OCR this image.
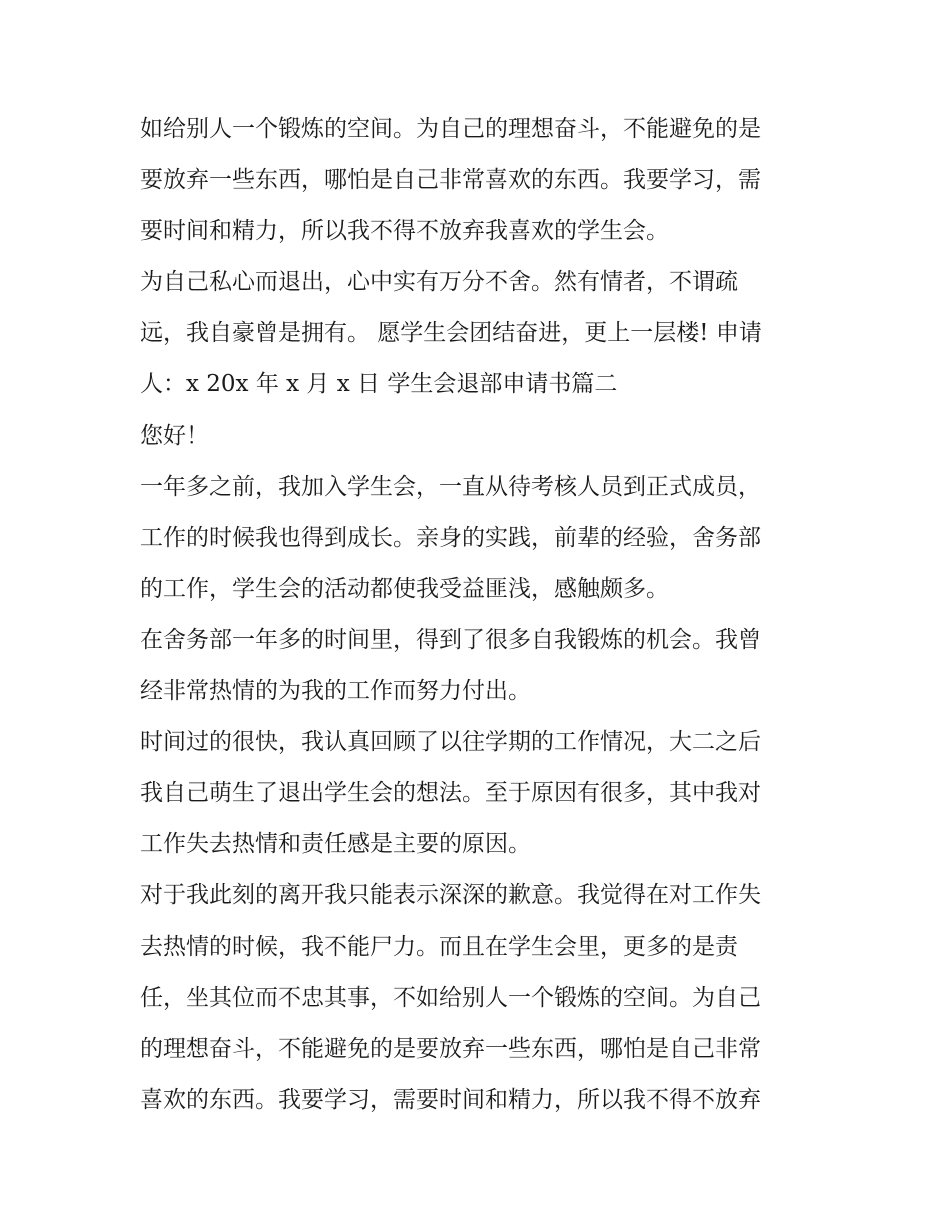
如给别人一个锻炼的空间。为自己的理想奋斗，不能避免的是
要放弃一些东西，哪怕是自己非常喜欢的东西。我要学习，需
要时间和精力，所以我不得不放弃我喜欢的学生会。
为自己私心而退出，心中实有万分不舍。然有情者，不谓疏
远，我自豪曾是拥有。 愿学生会团结奋进，更上一层楼! 申请
人：x 20x 年 x 月 x 日 学生会退部申请书篇二
您好！
一年多之前，我加入学生会，一直从待考核人员到正式成员，
工作的时候我也得到成长。亲身的实践，前辈的经验，舍务部
的工作，学生会的活动都使我受益匪浅，感触颇多。
在舍务部一年多的时间里，得到了很多自我锻炼的机会。我曾
经非常热情的为我的工作而努力付出。
时间过的很快，我认真回顾了以往学期的工作情况，大二之后
我自己萌生了退出学生会的想法。至于原因有很多，其中我对
工作失去热情和责任感是主要的原因。
对于我此刻的离开我只能表示深深的歉意。我觉得在对工作失
去热情的时候，我不能尸力。而且在学生会里，更多的是责
任，坐其位而不忠其事，不如给别人一个锻炼的空间。为自己
的理想奋斗，不能避免的是要放弃一些东西，哪怕是自己非常
喜欢的东西。我要学习，需要时间和精力，所以我不得不放弃
